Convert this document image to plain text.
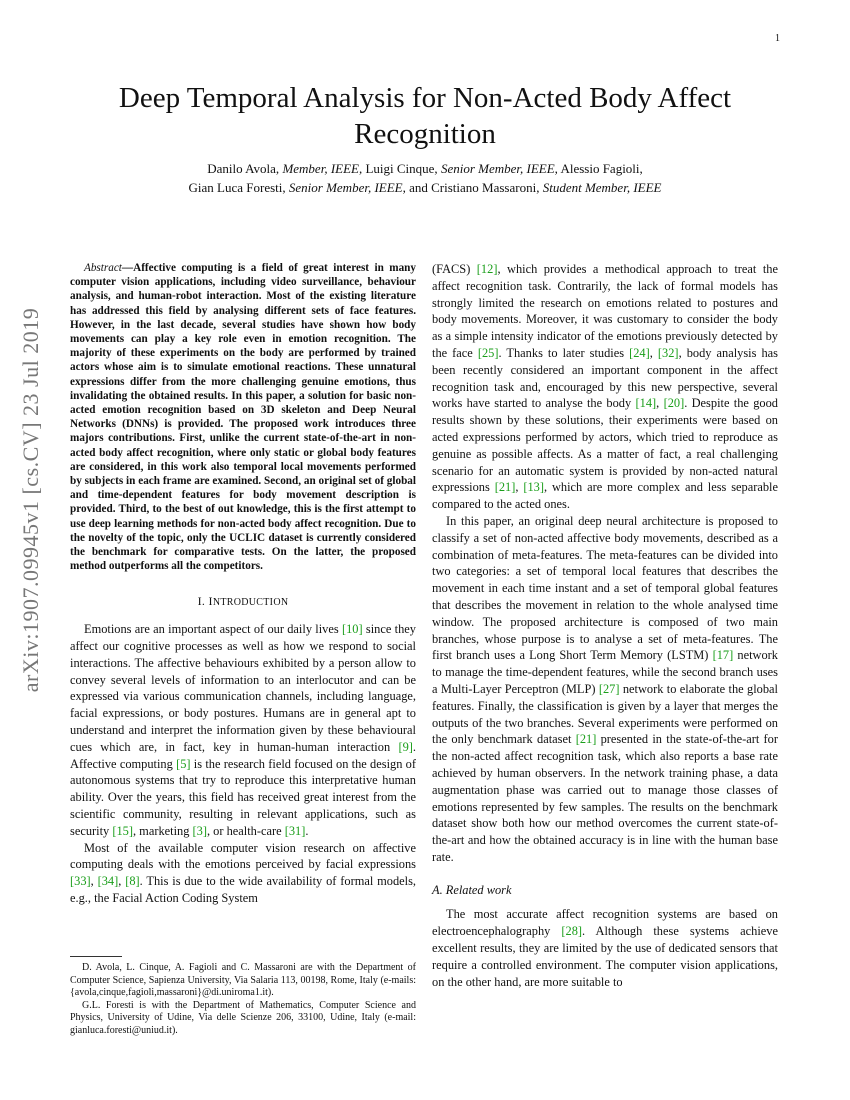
1
arXiv:1907.09945v1 [cs.CV] 23 Jul 2019
Deep Temporal Analysis for Non-Acted Body Affect Recognition
Danilo Avola, Member, IEEE, Luigi Cinque, Senior Member, IEEE, Alessio Fagioli,
Gian Luca Foresti, Senior Member, IEEE, and Cristiano Massaroni, Student Member, IEEE

Abstract—Affective computing is a field of great interest in many computer vision applications, including video surveillance, behaviour analysis, and human-robot interaction. Most of the existing literature has addressed this field by analysing different sets of face features. However, in the last decade, several studies have shown how body movements can play a key role even in emotion recognition. The majority of these experiments on the body are performed by trained actors whose aim is to simulate emotional reactions. These unnatural expressions differ from the more challenging genuine emotions, thus invalidating the obtained results. In this paper, a solution for basic non-acted emotion recognition based on 3D skeleton and Deep Neural Networks (DNNs) is provided. The proposed work introduces three majors contributions. First, unlike the current state-of-the-art in non-acted body affect recognition, where only static or global body features are considered, in this work also temporal local movements performed by subjects in each frame are examined. Second, an original set of global and time-dependent features for body movement description is provided. Third, to the best of out knowledge, this is the first attempt to use deep learning methods for non-acted body affect recognition. Due to the novelty of the topic, only the UCLIC dataset is currently considered the benchmark for comparative tests. On the latter, the proposed method outperforms all the competitors.

I. INTRODUCTION

Emotions are an important aspect of our daily lives [10] since they affect our cognitive processes as well as how we respond to social interactions. The affective behaviours exhibited by a person allow to convey several levels of information to an interlocutor and can be expressed via various communication channels, including language, facial expressions, or body postures. Humans are in general apt to understand and interpret the information given by these behavioural cues which are, in fact, key in human-human interaction [9]. Affective computing [5] is the research field focused on the design of autonomous systems that try to reproduce this interpretative human ability. Over the years, this field has received great interest from the scientific community, resulting in relevant applications, such as security [15], marketing [3], or health-care [31].

Most of the available computer vision research on affective computing deals with the emotions perceived by facial expressions [33], [34], [8]. This is due to the wide availability of formal models, e.g., the Facial Action Coding System

(FACS) [12], which provides a methodical approach to treat the affect recognition task. Contrarily, the lack of formal models has strongly limited the research on emotions related to postures and body movements. Moreover, it was customary to consider the body as a simple intensity indicator of the emotions previously detected by the face [25]. Thanks to later studies [24], [32], body analysis has been recently considered an important component in the affect recognition task and, encouraged by this new perspective, several works have started to analyse the body [14], [20]. Despite the good results shown by these solutions, their experiments were based on acted expressions performed by actors, which tried to reproduce as genuine as possible affects. As a matter of fact, a real challenging scenario for an automatic system is provided by non-acted natural expressions [21], [13], which are more complex and less separable compared to the acted ones.

In this paper, an original deep neural architecture is proposed to classify a set of non-acted affective body movements, described as a combination of meta-features. The meta-features can be divided into two categories: a set of temporal local features that describes the movement in each time instant and a set of temporal global features that describes the movement in relation to the whole analysed time window. The proposed architecture is composed of two main branches, whose purpose is to analyse a set of meta-features. The first branch uses a Long Short Term Memory (LSTM) [17] network to manage the time-dependent features, while the second branch uses a Multi-Layer Perceptron (MLP) [27] network to elaborate the global features. Finally, the classification is given by a layer that merges the outputs of the two branches. Several experiments were performed on the only benchmark dataset [21] presented in the state-of-the-art for the non-acted affect recognition task, which also reports a base rate achieved by human observers. In the network training phase, a data augmentation phase was carried out to manage those classes of emotions represented by few samples. The results on the benchmark dataset show both how our method overcomes the current state-of-the-art and how the obtained accuracy is in line with the human base rate.

A. Related work

The most accurate affect recognition systems are based on electroencephalography [28]. Although these systems achieve excellent results, they are limited by the use of dedicated sensors that require a controlled environment. The computer vision applications, on the other hand, are more suitable to

D. Avola, L. Cinque, A. Fagioli and C. Massaroni are with the Department of Computer Science, Sapienza University, Via Salaria 113, 00198, Rome, Italy (e-mails: {avola,cinque,fagioli,massaroni}@di.uniroma1.it).

G.L. Foresti is with the Department of Mathematics, Computer Science and Physics, University of Udine, Via delle Scienze 206, 33100, Udine, Italy (e-mail: gianluca.foresti@uniud.it).
